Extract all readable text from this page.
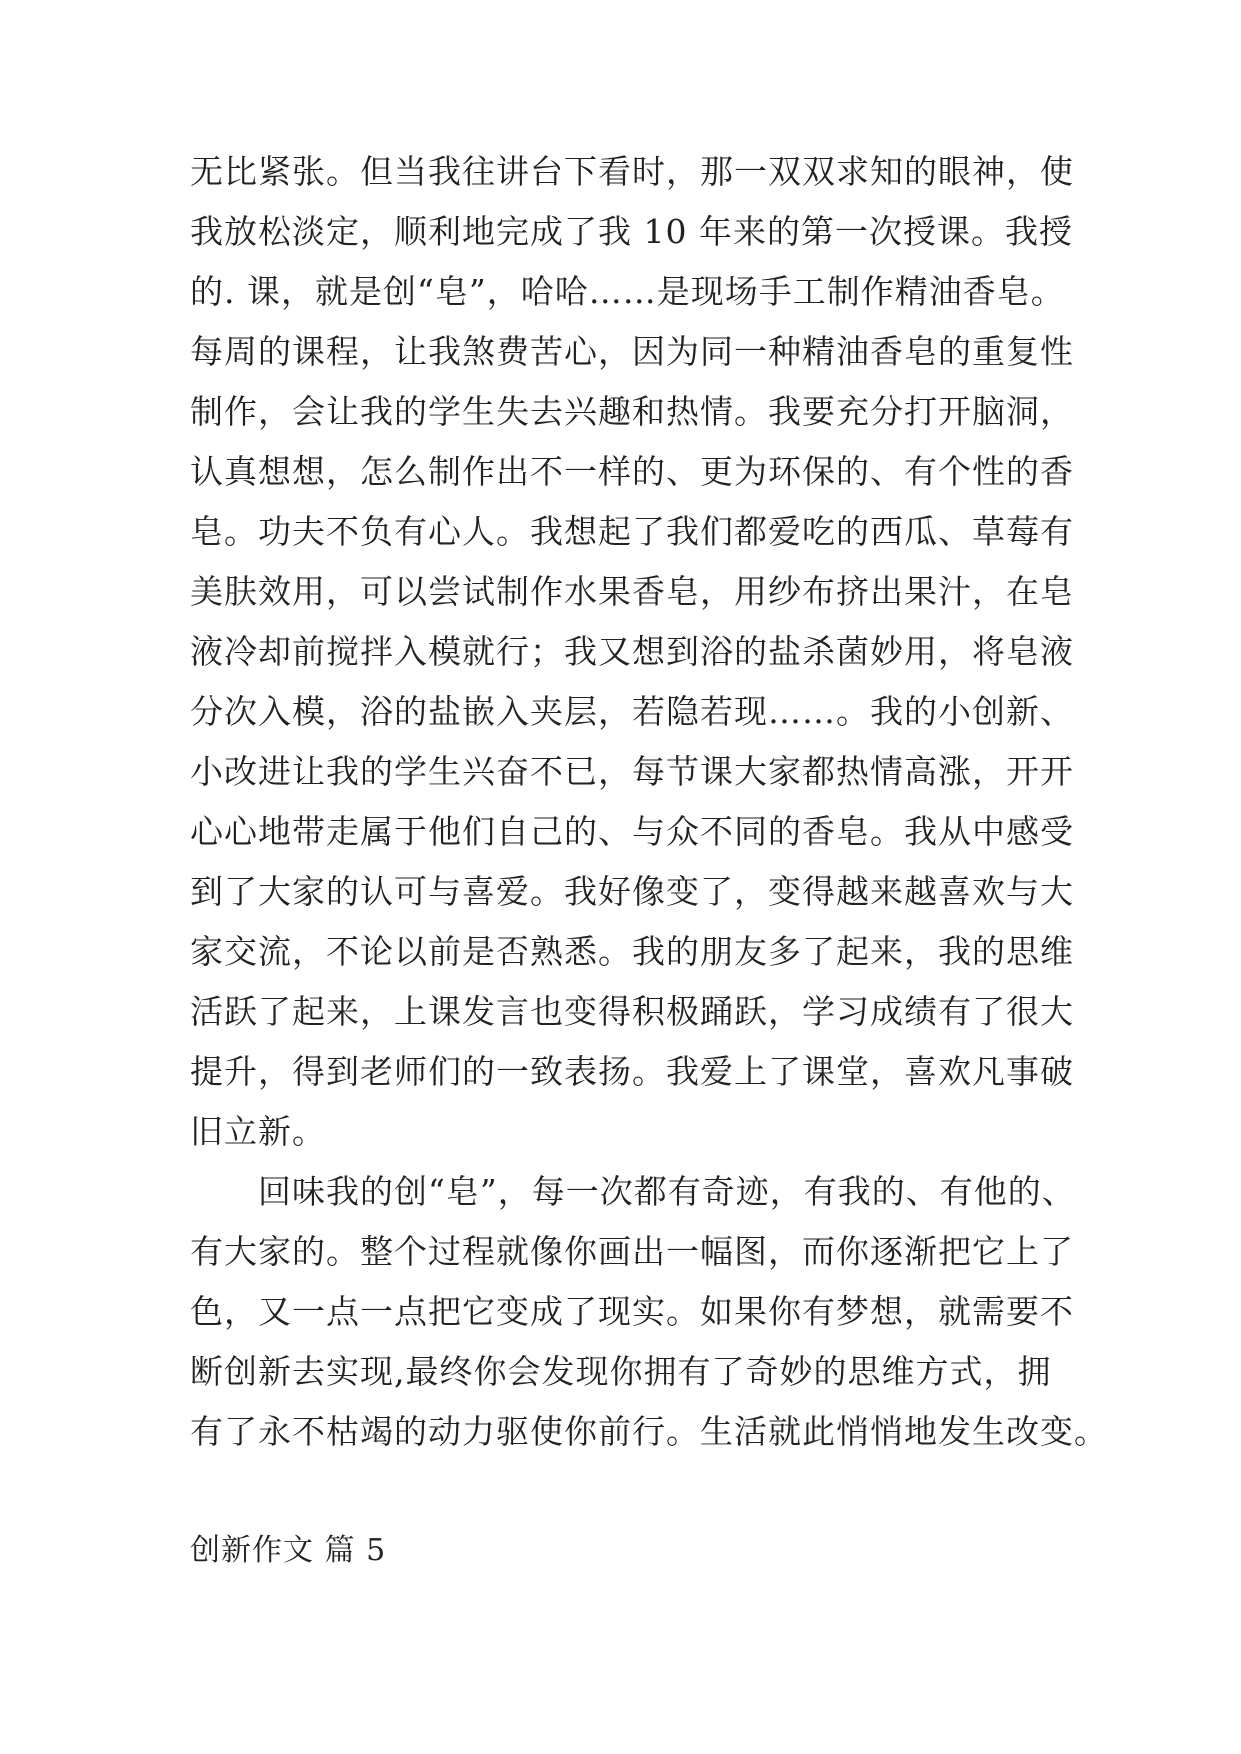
无比紧张。但当我往讲台下看时，那一双双求知的眼神，使
我放松淡定，顺利地完成了我 10 年来的第一次授课。我授
的. 课，就是创“皂”，哈哈……是现场手工制作精油香皂。
每周的课程，让我煞费苦心，因为同一种精油香皂的重复性
制作，会让我的学生失去兴趣和热情。我要充分打开脑洞，
认真想想，怎么制作出不一样的、更为环保的、有个性的香
皂。功夫不负有心人。我想起了我们都爱吃的西瓜、草莓有
美肤效用，可以尝试制作水果香皂，用纱布挤出果汁，在皂
液冷却前搅拌入模就行；我又想到浴的盐杀菌妙用，将皂液
分次入模，浴的盐嵌入夹层，若隐若现……。我的小创新、
小改进让我的学生兴奋不已，每节课大家都热情高涨，开开
心心地带走属于他们自己的、与众不同的香皂。我从中感受
到了大家的认可与喜爱。我好像变了，变得越来越喜欢与大
家交流，不论以前是否熟悉。我的朋友多了起来，我的思维
活跃了起来，上课发言也变得积极踊跃，学习成绩有了很大
提升，得到老师们的一致表扬。我爱上了课堂，喜欢凡事破
旧立新。
回味我的创“皂”，每一次都有奇迹，有我的、有他的、
有大家的。整个过程就像你画出一幅图，而你逐渐把它上了
色，又一点一点把它变成了现实。如果你有梦想，就需要不
断创新去实现,最终你会发现你拥有了奇妙的思维方式，拥
有了永不枯竭的动力驱使你前行。生活就此悄悄地发生改变。
创新作文 篇 5
